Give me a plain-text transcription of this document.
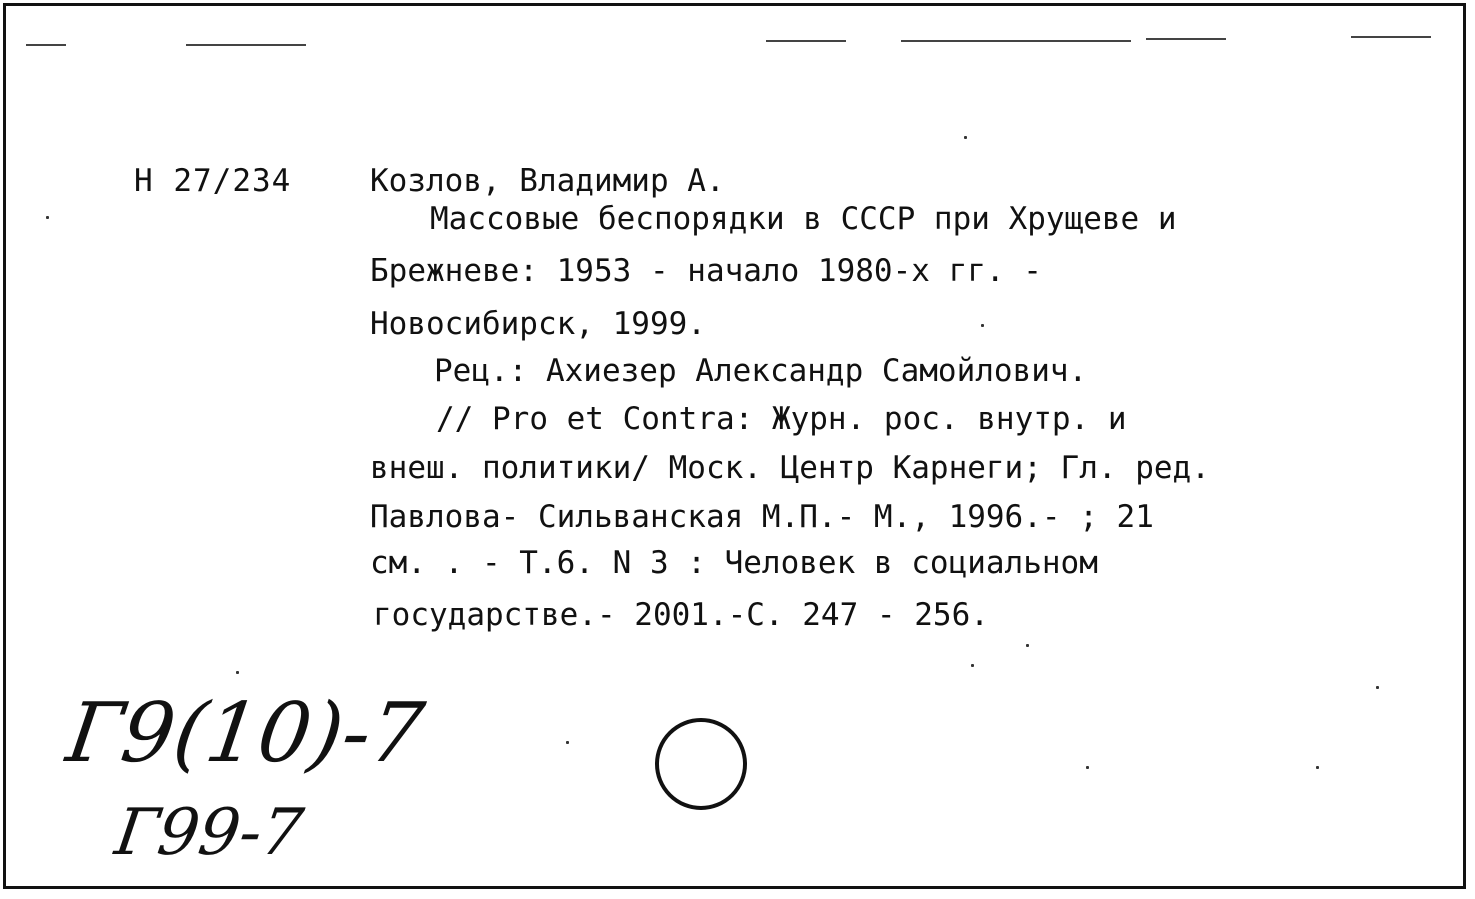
Н 27/234	Козлов, Владимир А.
Массовые беспорядки в СССР при Хрущеве и
Брежневе: 1953 - начало 1980-х гг. -
Новосибирск, 1999.
Рец.: Ахиезер Александр Самойлович.
// Pro et Contra: Журн. рос. внутр. и
внеш. политики/ Моск. Центр Карнеги; Гл. ред.
Павлова- Сильванская М.П.- М., 1996.- ; 21
см. . - Т.6. N 3 : Человек в социальном
государстве.- 2001.-С. 247 - 256.
Г9(10)-7
Г99-7
